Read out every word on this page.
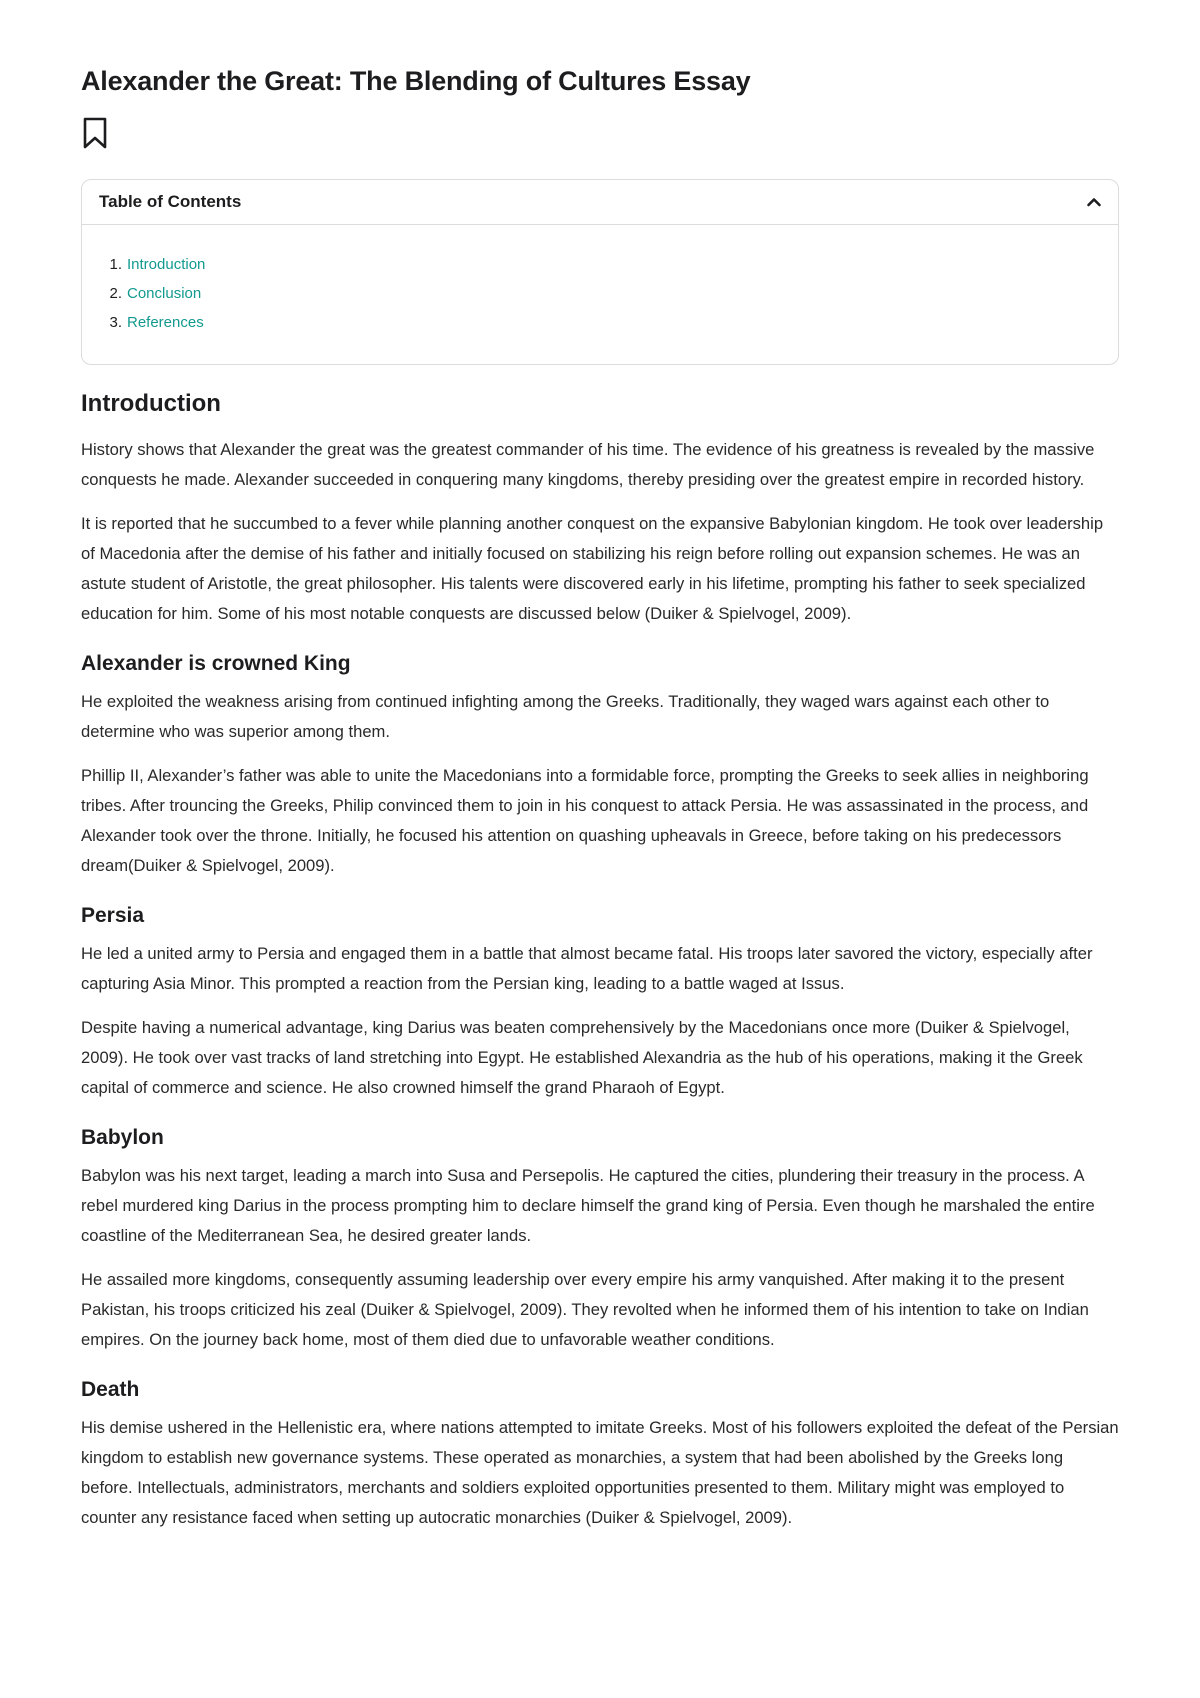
Alexander the Great: The Blending of Cultures Essay
Table of Contents
1. Introduction
2. Conclusion
3. References
Introduction

History shows that Alexander the great was the greatest commander of his time. The evidence of his greatness is revealed by the massive conquests he made. Alexander succeeded in conquering many kingdoms, thereby presiding over the greatest empire in recorded history.

It is reported that he succumbed to a fever while planning another conquest on the expansive Babylonian kingdom. He took over leadership of Macedonia after the demise of his father and initially focused on stabilizing his reign before rolling out expansion schemes. He was an astute student of Aristotle, the great philosopher. His talents were discovered early in his lifetime, prompting his father to seek specialized education for him. Some of his most notable conquests are discussed below (Duiker & Spielvogel, 2009).

Alexander is crowned King

He exploited the weakness arising from continued infighting among the Greeks. Traditionally, they waged wars against each other to determine who was superior among them.

Phillip II, Alexander’s father was able to unite the Macedonians into a formidable force, prompting the Greeks to seek allies in neighboring tribes. After trouncing the Greeks, Philip convinced them to join in his conquest to attack Persia. He was assassinated in the process, and Alexander took over the throne. Initially, he focused his attention on quashing upheavals in Greece, before taking on his predecessors dream(Duiker & Spielvogel, 2009).

Persia

He led a united army to Persia and engaged them in a battle that almost became fatal. His troops later savored the victory, especially after capturing Asia Minor. This prompted a reaction from the Persian king, leading to a battle waged at Issus.

Despite having a numerical advantage, king Darius was beaten comprehensively by the Macedonians once more (Duiker & Spielvogel, 2009). He took over vast tracks of land stretching into Egypt. He established Alexandria as the hub of his operations, making it the Greek capital of commerce and science. He also crowned himself the grand Pharaoh of Egypt.

Babylon

Babylon was his next target, leading a march into Susa and Persepolis. He captured the cities, plundering their treasury in the process. A rebel murdered king Darius in the process prompting him to declare himself the grand king of Persia. Even though he marshaled the entire coastline of the Mediterranean Sea, he desired greater lands.

He assailed more kingdoms, consequently assuming leadership over every empire his army vanquished. After making it to the present Pakistan, his troops criticized his zeal (Duiker & Spielvogel, 2009). They revolted when he informed them of his intention to take on Indian empires. On the journey back home, most of them died due to unfavorable weather conditions.

Death

His demise ushered in the Hellenistic era, where nations attempted to imitate Greeks. Most of his followers exploited the defeat of the Persian kingdom to establish new governance systems. These operated as monarchies, a system that had been abolished by the Greeks long before. Intellectuals, administrators, merchants and soldiers exploited opportunities presented to them. Military might was employed to counter any resistance faced when setting up autocratic monarchies (Duiker & Spielvogel, 2009).
